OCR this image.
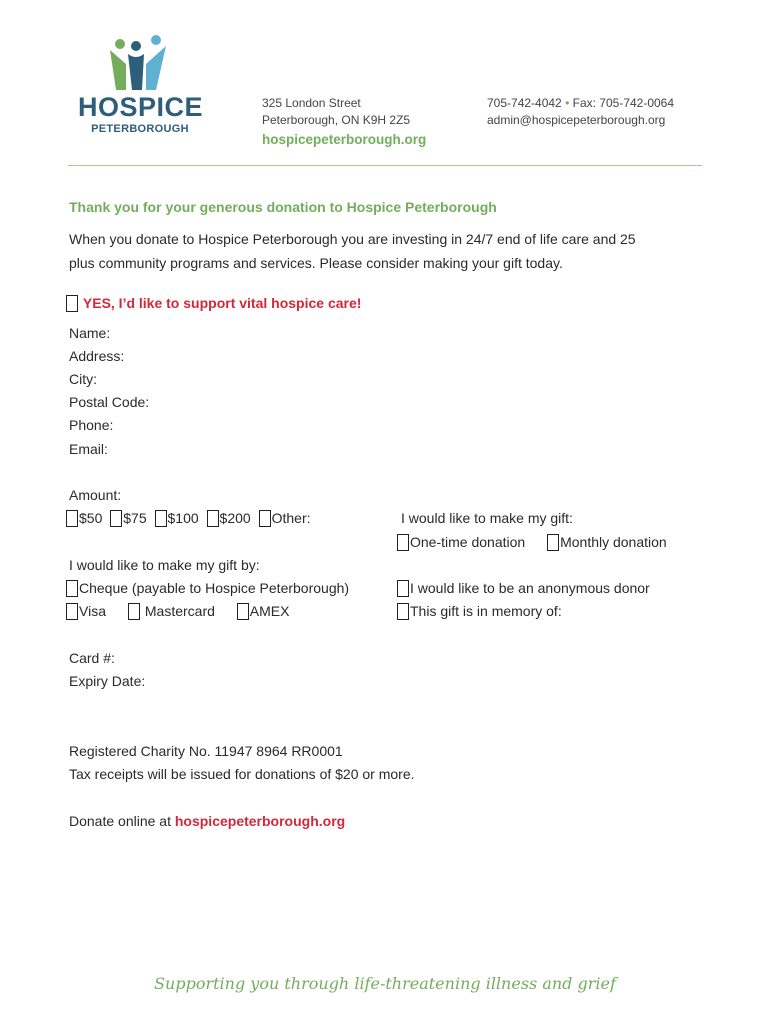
HOSPICE
PETERBOROUGH
325 London Street
Peterborough, ON K9H 2Z5
hospicepeterborough.org
705-742-4042 • Fax: 705-742-0064
admin@hospicepeterborough.org
Thank you for your generous donation to Hospice Peterborough
When you donate to Hospice Peterborough you are investing in 24/7 end of life care and 25
plus community programs and services. Please consider making your gift today.
YES, I’d like to support vital hospice care!
Name:
Address:
City:
Postal Code:
Phone:
Email:
Amount:
$50 $75 $100 $200 Other:	I would like to make my gift:
One-time donation Monthly donation
I would like to make my gift by:
Cheque (payable to Hospice Peterborough)
Visa	Mastercard AMEX
I would like to be an anonymous donor
This gift is in memory of:
Card #:
Expiry Date:
Registered Charity No. 11947 8964 RR0001
Tax receipts will be issued for donations of $20 or more.
Donate online at hospicepeterborough.org
Supporting you through life-threatening illness and grief
